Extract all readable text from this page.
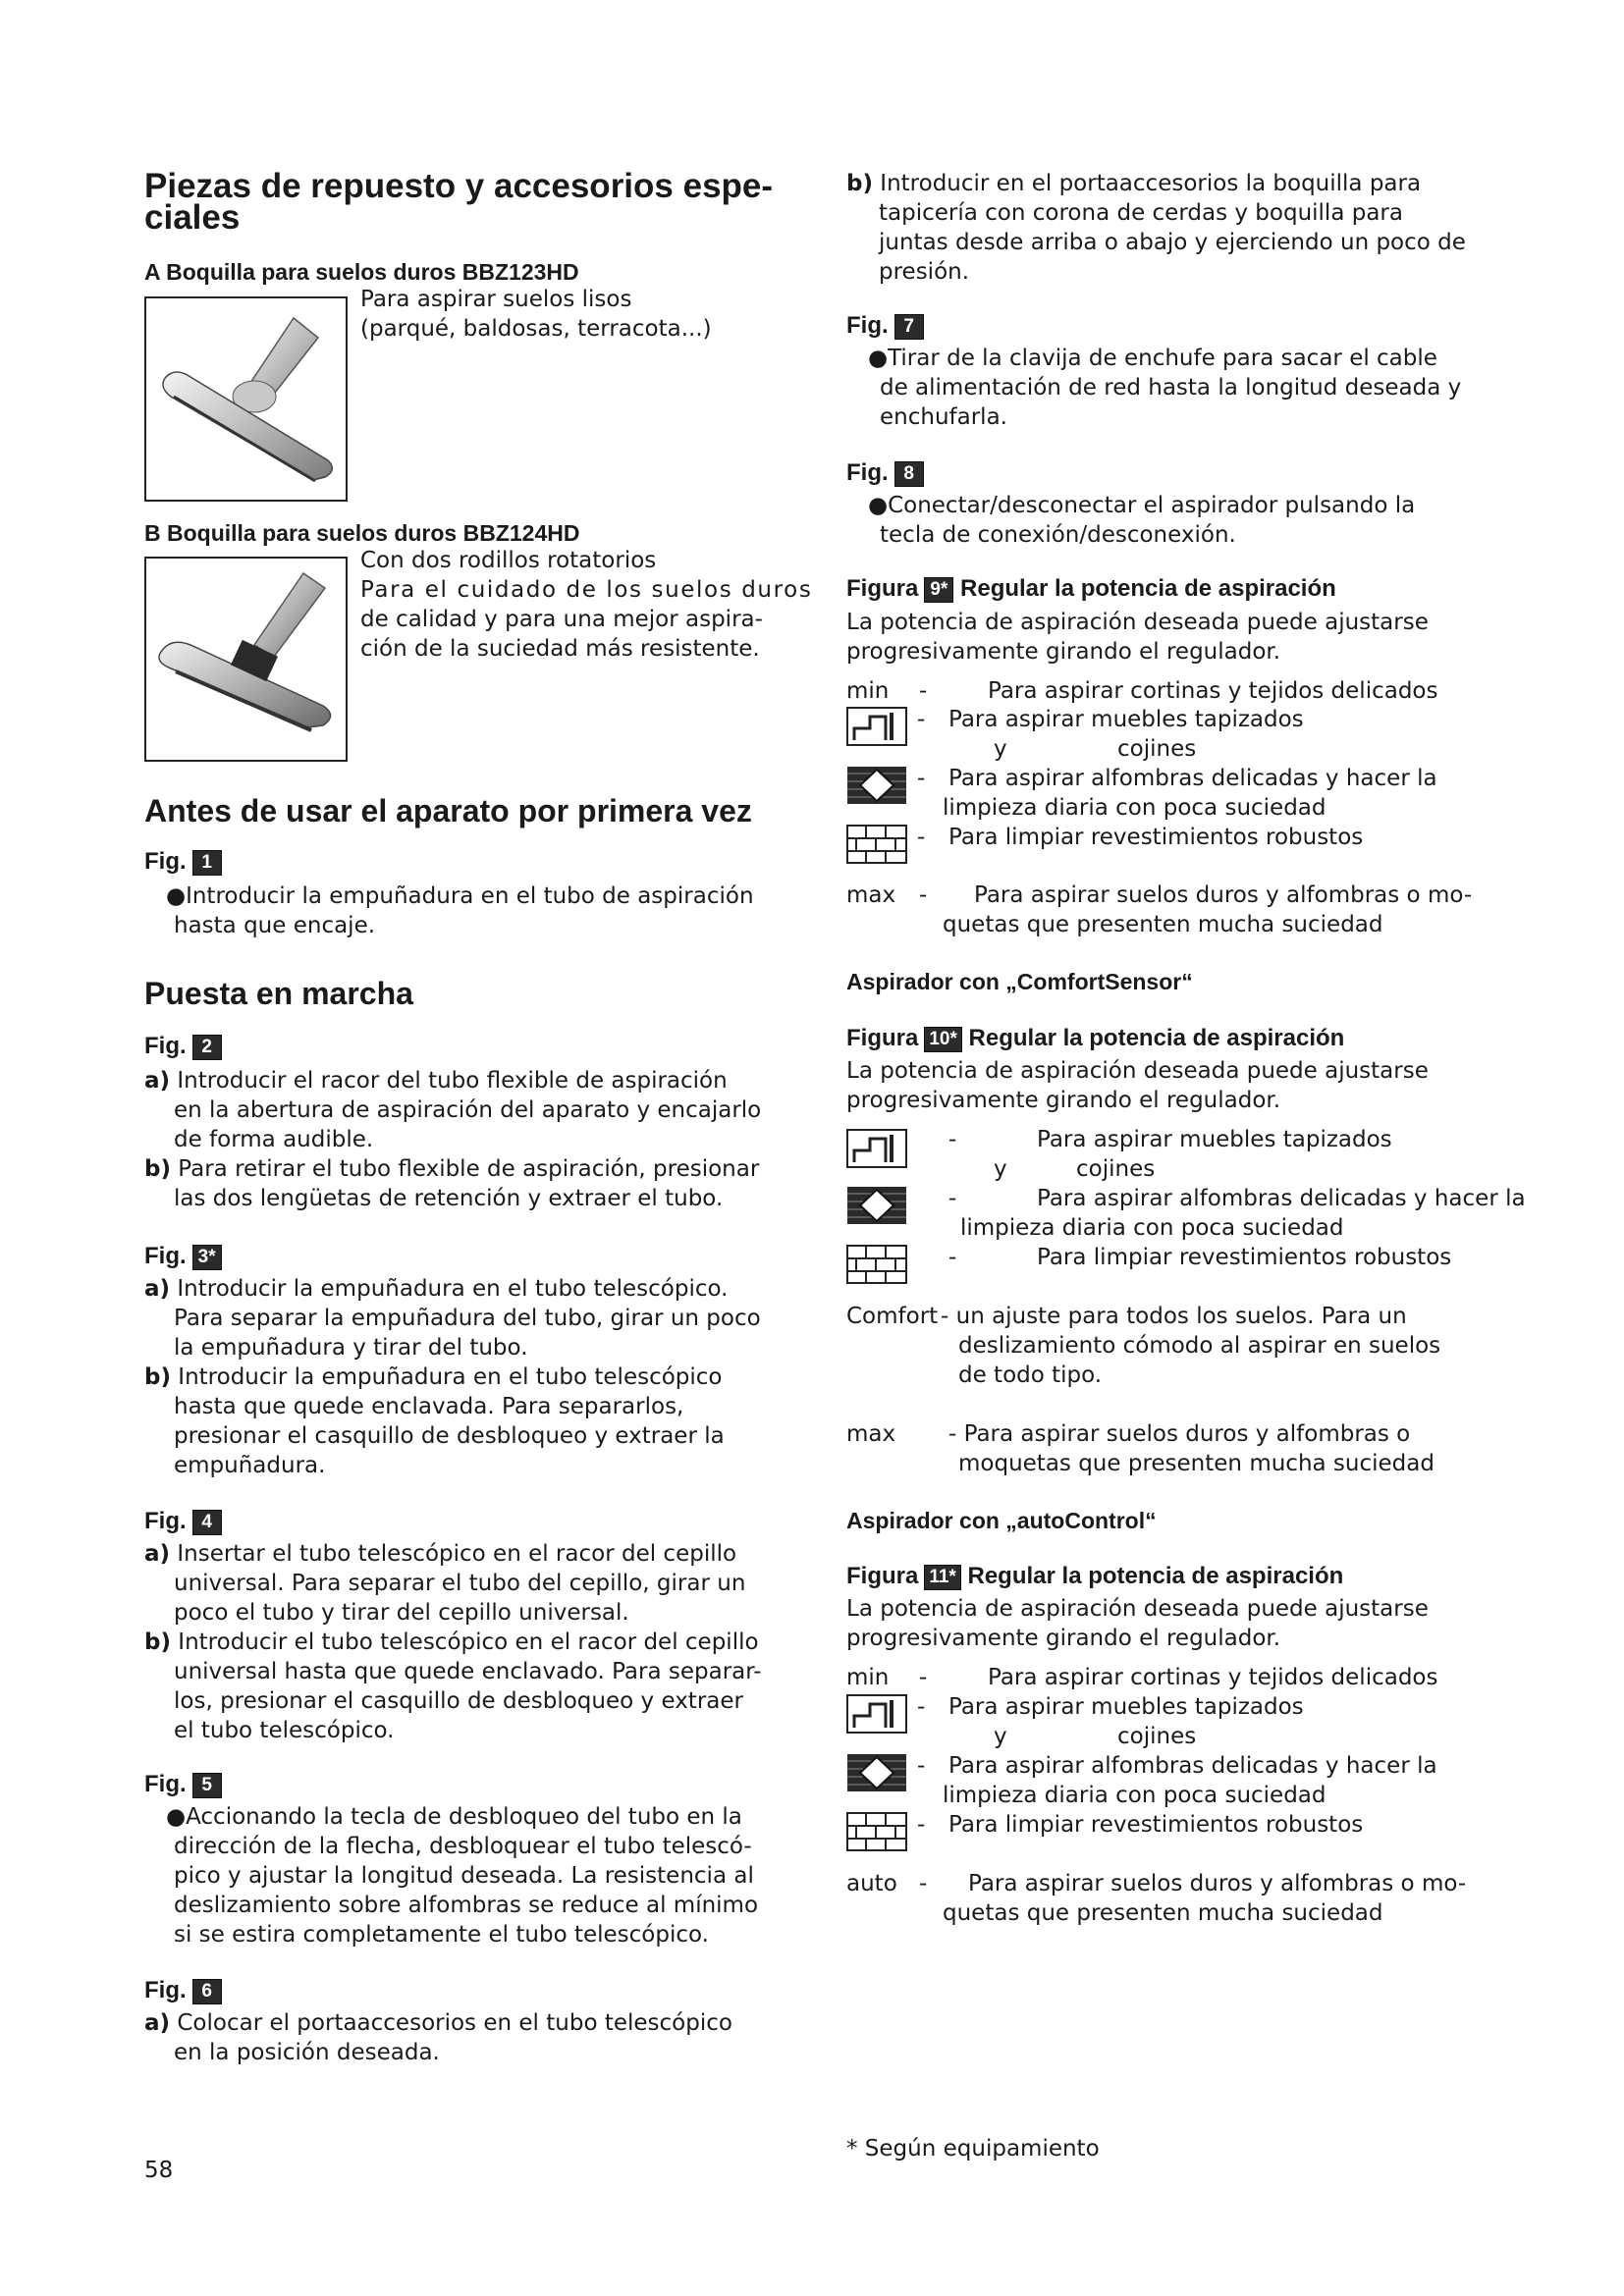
Piezas de repuesto y accesorios espe-
ciales
A Boquilla para suelos duros BBZ123HD
Para aspirar suelos lisos
(parqué, baldosas, terracota...)
B Boquilla para suelos duros BBZ124HD
Con dos rodillos rotatorios
Para el cuidado de los suelos duros
de calidad y para una mejor aspira-
ción de la suciedad más resistente.
Antes de usar el aparato por primera vez
Fig. 1
●Introducir la empuñadura en el tubo de aspiración
hasta que encaje.
Puesta en marcha
Fig. 2
a) Introducir el racor del tubo flexible de aspiración
en la abertura de aspiración del aparato y encajarlo
de forma audible.
b) Para retirar el tubo flexible de aspiración, presionar
las dos lengüetas de retención y extraer el tubo.
Fig. 3*
a) Introducir la empuñadura en el tubo telescópico.
Para separar la empuñadura del tubo, girar un poco
la empuñadura y tirar del tubo.
b) Introducir la empuñadura en el tubo telescópico
hasta que quede enclavada. Para separarlos,
presionar el casquillo de desbloqueo y extraer la
empuñadura.
Fig. 4
a) Insertar el tubo telescópico en el racor del cepillo
universal. Para separar el tubo del cepillo, girar un
poco el tubo y tirar del cepillo universal.
b) Introducir el tubo telescópico en el racor del cepillo
universal hasta que quede enclavado. Para separar-
los, presionar el casquillo de desbloqueo y extraer
el tubo telescópico.
Fig. 5
●Accionando la tecla de desbloqueo del tubo en la
dirección de la flecha, desbloquear el tubo telescó-
pico y ajustar la longitud deseada. La resistencia al
deslizamiento sobre alfombras se reduce al mínimo
si se estira completamente el tubo telescópico.
Fig. 6
a) Colocar el portaaccesorios en el tubo telescópico
en la posición deseada.
58
b) Introducir en el portaaccesorios la boquilla para
tapicería con corona de cerdas y boquilla para
juntas desde arriba o abajo y ejerciendo un poco de
presión.
Fig. 7
●Tirar de la clavija de enchufe para sacar el cable
de alimentación de red hasta la longitud deseada y
enchufarla.
Fig. 8
●Conectar/desconectar el aspirador pulsando la
tecla de conexión/desconexión.
Figura 9* Regular la potencia de aspiración
La potencia de aspiración deseada puede ajustarse
progresivamente girando el regulador.
min -	Para aspirar cortinas y tejidos delicados
- Para aspirar muebles tapizados
y	cojines
- Para aspirar alfombras delicadas y hacer la
limpieza diaria con poca suciedad
- Para limpiar revestimientos robustos
max - Para aspirar suelos duros y alfombras o mo-
quetas que presenten mucha suciedad
Aspirador con „ComfortSensor“
Figura 10* Regular la potencia de aspiración
La potencia de aspiración deseada puede ajustarse
progresivamente girando el regulador.
-	Para aspirar muebles tapizados
y	cojines
-	Para aspirar alfombras delicadas y hacer la
limpieza diaria con poca suciedad
-	Para limpiar revestimientos robustos
Comfort - un ajuste para todos los suelos. Para un
deslizamiento cómodo al aspirar en suelos
de todo tipo.
max - Para aspirar suelos duros y alfombras o
moquetas que presenten mucha suciedad
Aspirador con „autoControl“
Figura 11* Regular la potencia de aspiración
La potencia de aspiración deseada puede ajustarse
progresivamente girando el regulador.
min -	Para aspirar cortinas y tejidos delicados
- Para aspirar muebles tapizados
y	cojines
- Para aspirar alfombras delicadas y hacer la
limpieza diaria con poca suciedad
- Para limpiar revestimientos robustos
auto - Para aspirar suelos duros y alfombras o mo-
quetas que presenten mucha suciedad
* Según equipamiento
